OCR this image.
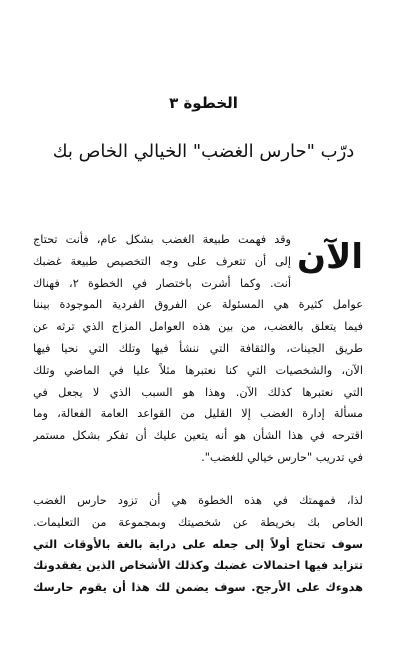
الخطوة ٣
درّب "حارس الغضب" الخيالي الخاص بك
الآن
وقد فهمت طبيعة الغضب بشكل عام، فأنت تحتاج
إلى أن تتعرف على وجه التخصيص طبيعة غضبك
أنت. وكما أشرت باختصار في الخطوة ٢، فهناك
عوامل كثيرة هي المسئولة عن الفروق الفردية الموجودة بيننا
فيما يتعلق بالغضب، من بين هذه العوامل المزاج الذي ترثه عن
طريق الجينات، والثقافة التي ننشأ فيها وتلك التي نحيا فيها
الآن، والشخصيات التي كنا نعتبرها مثلاً عليا في الماضي وتلك
التي نعتبرها كذلك الآن. وهذا هو السبب الذي لا يجعل في
مسألة إدارة الغضب إلا القليل من القواعد العامة الفعالة، وما
اقترحه في هذا الشأن هو أنه يتعين عليك أن تفكر بشكل مستمر
في تدريب "حارس خيالي للغضب".
لذا، فمهمتك في هذه الخطوة هي أن تزود حارس الغضب
الخاص بك بخريطة عن شخصيتك وبمجموعة من التعليمات.
سوف تحتاج أولاً إلى جعله على دراية بالغة بالأوقات التي
تتزايد فيها احتمالات غضبك وكذلك الأشخاص الذين يفقدونك
هدوءك على الأرجح. سوف يضمن لك هذا أن يقوم حارسك
